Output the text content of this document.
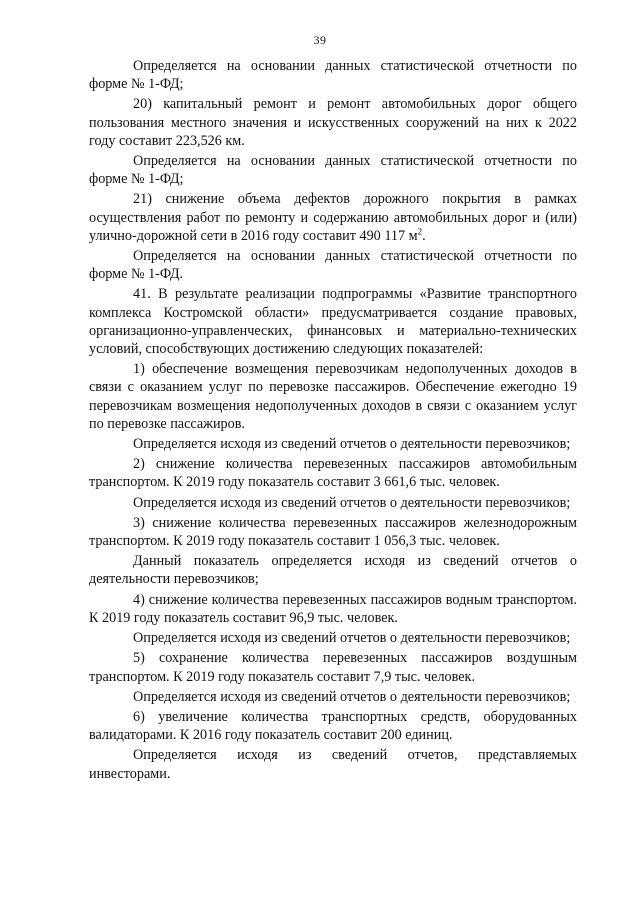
39

Определяется на основании данных статистической отчетности по форме № 1-ФД;

20) капитальный ремонт и ремонт автомобильных дорог общего пользования местного значения и искусственных сооружений на них к 2022 году составит 223,526 км.

Определяется на основании данных статистической отчетности по форме № 1-ФД;

21) снижение объема дефектов дорожного покрытия в рамках осуществления работ по ремонту и содержанию автомобильных дорог и (или) улично-дорожной сети в 2016 году составит 490 117 $м^2$.

Определяется на основании данных статистической отчетности по форме № 1-ФД.

41. В результате реализации подпрограммы «Развитие транспортного комплекса Костромской области» предусматривается создание правовых, организационно-управленческих, финансовых и материально-технических условий, способствующих достижению следующих показателей:

1) обеспечение возмещения перевозчикам недополученных доходов в связи с оказанием услуг по перевозке пассажиров. Обеспечение ежегодно 19 перевозчикам возмещения недополученных доходов в связи с оказанием услуг по перевозке пассажиров.

Определяется исходя из сведений отчетов о деятельности перевозчиков;

2) снижение количества перевезенных пассажиров автомобильным транспортом. К 2019 году показатель составит 3 661,6 тыс. человек.

Определяется исходя из сведений отчетов о деятельности перевозчиков;

3) снижение количества перевезенных пассажиров железнодорожным транспортом. К 2019 году показатель составит 1 056,3 тыс. человек.

Данный показатель определяется исходя из сведений отчетов о деятельности перевозчиков;

4) снижение количества перевезенных пассажиров водным транспортом. К 2019 году показатель составит 96,9 тыс. человек.

Определяется исходя из сведений отчетов о деятельности перевозчиков;

5) сохранение количества перевезенных пассажиров воздушным транспортом. К 2019 году показатель составит 7,9 тыс. человек.

Определяется исходя из сведений отчетов о деятельности перевозчиков;

6) увеличение количества транспортных средств, оборудованных валидаторами. К 2016 году показатель составит 200 единиц.

Определяется исходя из сведений отчетов, представляемых инвесторами.
